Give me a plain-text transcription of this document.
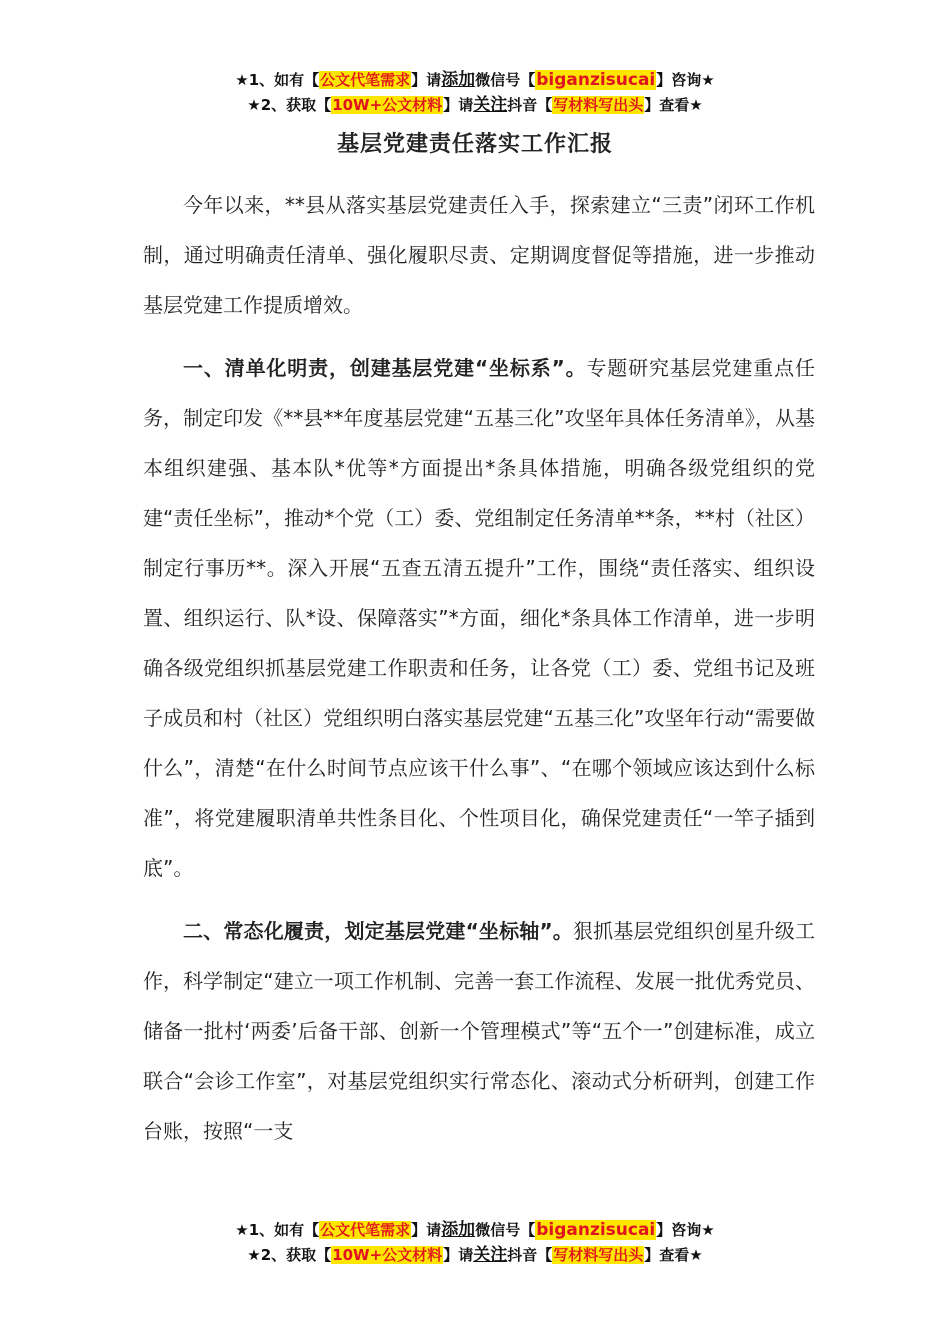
★1、如有【公文代笔需求】请添加微信号【biganzisucai】咨询★
★2、获取【10W+公文材料】请关注抖音【写材料写出头】查看★
基层党建责任落实工作汇报

今年以来，**县从落实基层党建责任入手，探索建立“三责”闭环工作机制，通过明确责任清单、强化履职尽责、定期调度督促等措施，进一步推动基层党建工作提质增效。

一、清单化明责，创建基层党建“坐标系”。专题研究基层党建重点任务，制定印发《**县**年度基层党建“五基三化”攻坚年具体任务清单》，从基本组织建强、基本队*优等*方面提出*条具体措施，明确各级党组织的党建“责任坐标”，推动*个党（工）委、党组制定任务清单**条，**村（社区）制定行事历**。深入开展“五查五清五提升”工作，围绕“责任落实、组织设置、组织运行、队*设、保障落实”*方面，细化*条具体工作清单，进一步明确各级党组织抓基层党建工作职责和任务，让各党（工）委、党组书记及班子成员和村（社区）党组织明白落实基层党建“五基三化”攻坚年行动“需要做什么”，清楚“在什么时间节点应该干什么事”、“在哪个领域应该达到什么标准”，将党建履职清单共性条目化、个性项目化，确保党建责任“一竿子插到底”。

二、常态化履责，划定基层党建“坐标轴”。狠抓基层党组织创星升级工作，科学制定“建立一项工作机制、完善一套工作流程、发展一批优秀党员、储备一批村‘两委’后备干部、创新一个管理模式”等“五个一”创建标准，成立联合“会诊工作室”，对基层党组织实行常态化、滚动式分析研判，创建工作台账，按照“一支

★1、如有【公文代笔需求】请添加微信号【biganzisucai】咨询★
★2、获取【10W+公文材料】请关注抖音【写材料写出头】查看★
